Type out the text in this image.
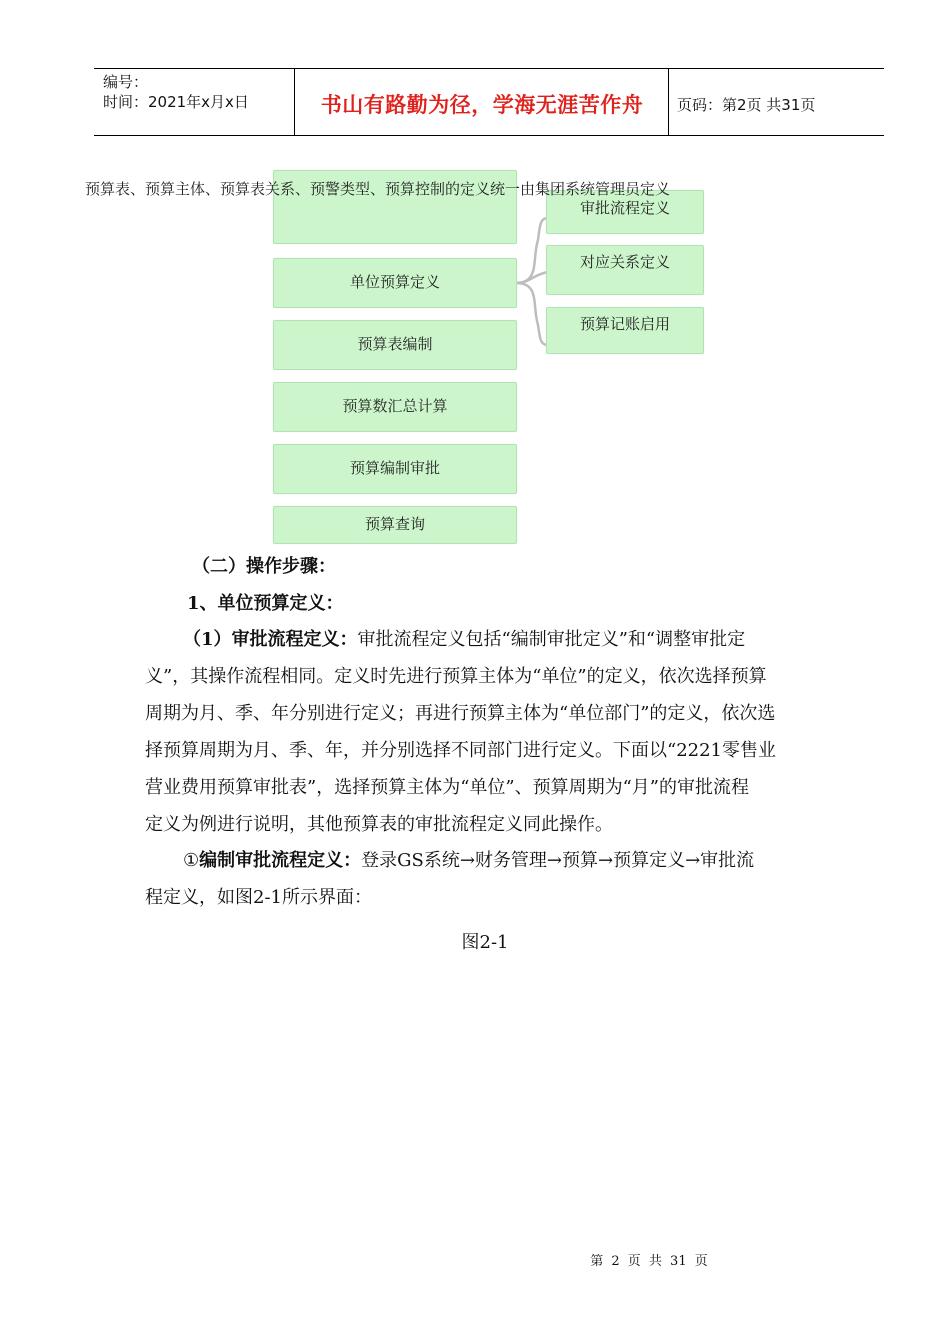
编号：
时间：2021年x月x日	书山有路勤为径，学海无涯苦作舟	页码：第2页 共31页
单位预算定义
预算表编制
预算数汇总计算
预算编制审批
预算查询
审批流程定义
对应关系定义
预算记账启用
预算表、预算主体、预算表关系、预警类型、预算控制的定义统一由集团系统管理员定义
（二）操作步骤：
1、单位预算定义：
（1）审批流程定义：审批流程定义包括“编制审批定义”和“调整审批定
义”，其操作流程相同。定义时先进行预算主体为“单位”的定义，依次选择预算
周期为月、季、年分别进行定义；再进行预算主体为“单位部门”的定义，依次选
择预算周期为月、季、年，并分别选择不同部门进行定义。下面以“2221零售业
营业费用预算审批表”，选择预算主体为“单位”、预算周期为“月”的审批流程
定义为例进行说明，其他预算表的审批流程定义同此操作。
①编制审批流程定义：登录GS系统→财务管理→预算→预算定义→审批流
程定义，如图2-1所示界面：
图2-1
第 2 页 共 31 页
